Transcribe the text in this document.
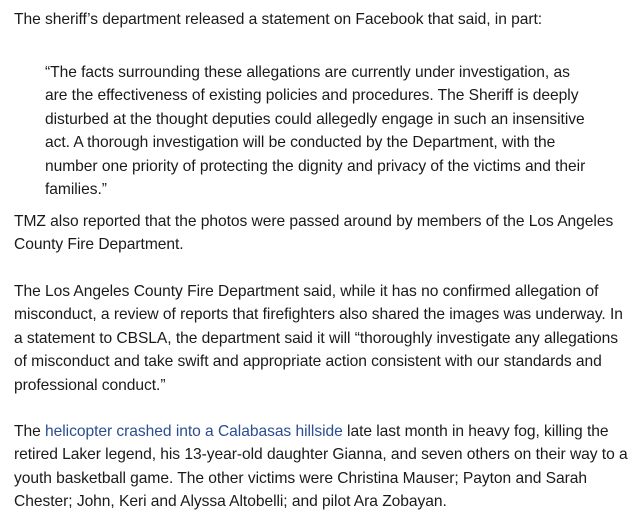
The sheriff’s department released a statement on Facebook that said, in part:

“The facts surrounding these allegations are currently under investigation, as are the effectiveness of existing policies and procedures. The Sheriff is deeply disturbed at the thought deputies could allegedly engage in such an insensitive act. A thorough investigation will be conducted by the Department, with the number one priority of protecting the dignity and privacy of the victims and their families.”

TMZ also reported that the photos were passed around by members of the Los Angeles County Fire Department.

The Los Angeles County Fire Department said, while it has no confirmed allegation of misconduct, a review of reports that firefighters also shared the images was underway. In a statement to CBSLA, the department said it will “thoroughly investigate any allegations of misconduct and take swift and appropriate action consistent with our standards and professional conduct.”

The helicopter crashed into a Calabasas hillside late last month in heavy fog, killing the retired Laker legend, his 13-year-old daughter Gianna, and seven others on their way to a youth basketball game. The other victims were Christina Mauser; Payton and Sarah Chester; John, Keri and Alyssa Altobelli; and pilot Ara Zobayan.
